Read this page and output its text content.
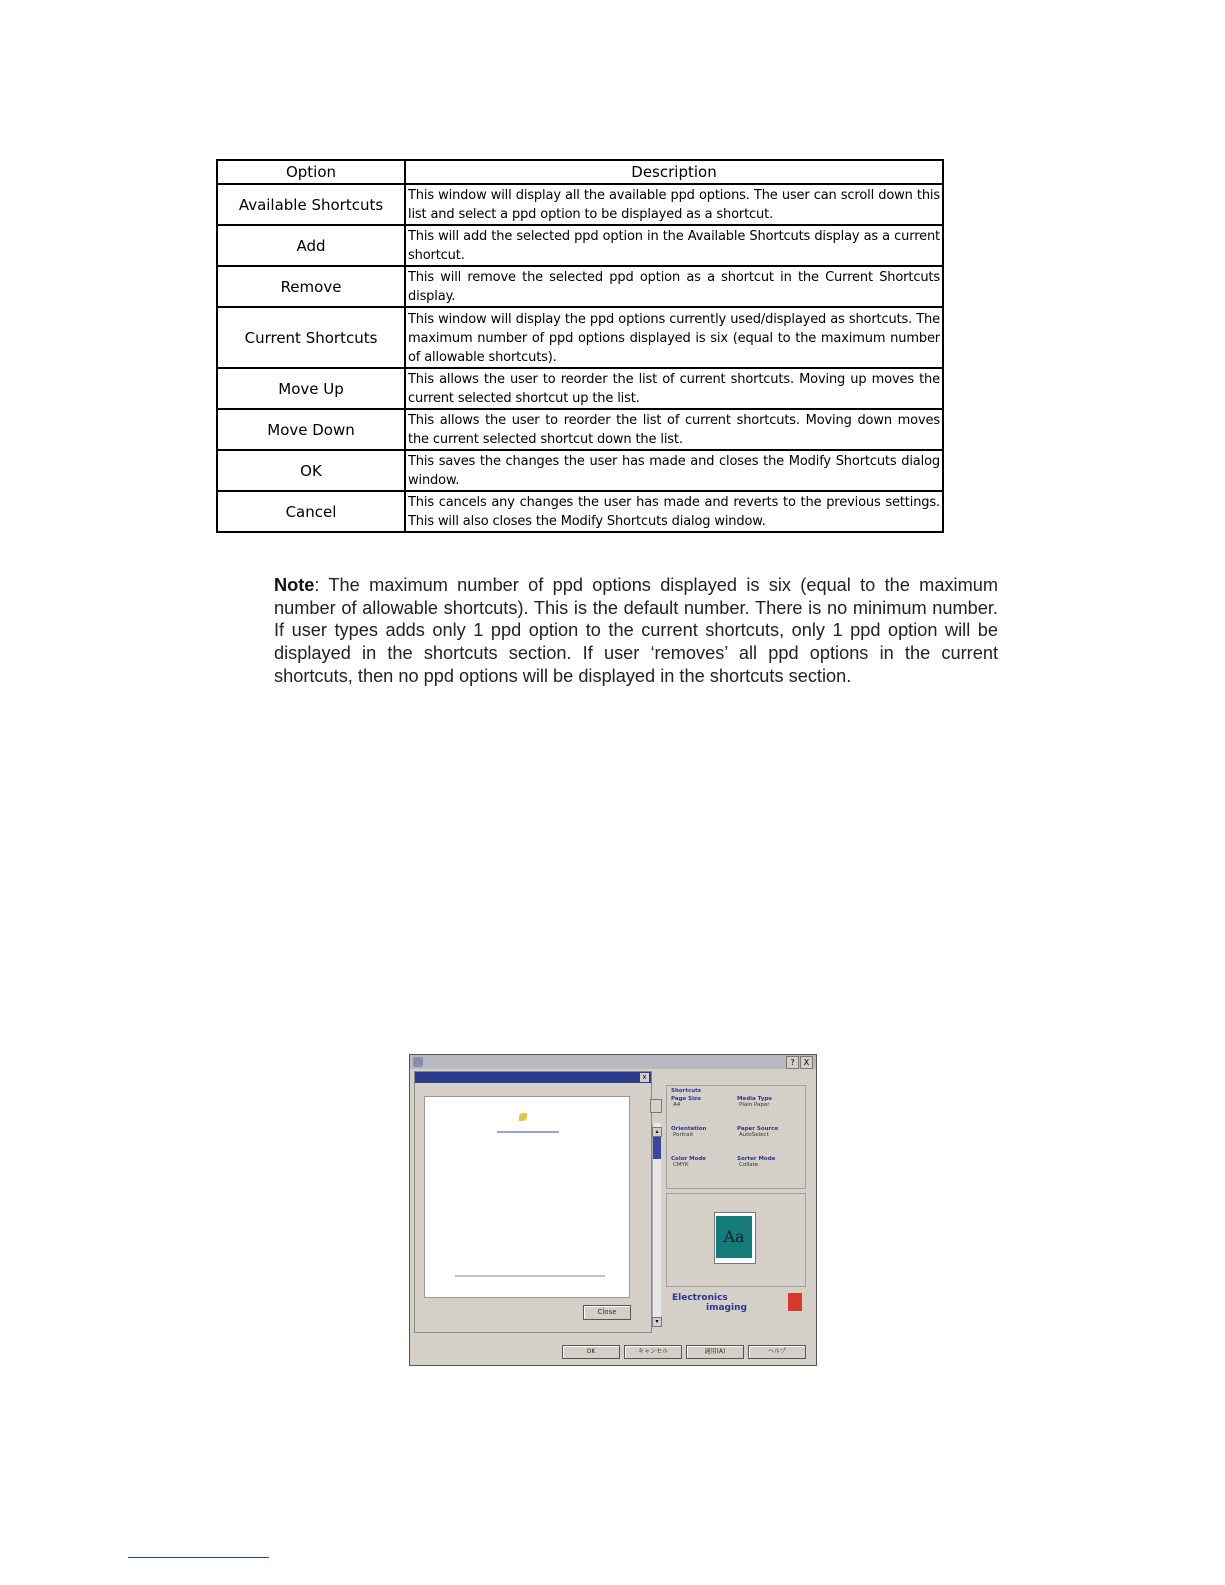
Option	Description
Available Shortcuts	This window will display all the available ppd options. The user can scroll down this list and select a ppd option to be displayed as a shortcut.
Add	This will add the selected ppd option in the Available Shortcuts display as a current shortcut.
Remove	This will remove the selected ppd option as a shortcut in the Current Shortcuts display.
Current Shortcuts	This window will display the ppd options currently used/displayed as shortcuts. The maximum number of ppd options displayed is six (equal to the maximum number of allowable shortcuts).
Move Up	This allows the user to reorder the list of current shortcuts. Moving up moves the current selected shortcut up the list.
Move Down	This allows the user to reorder the list of current shortcuts. Moving down moves the current selected shortcut down the list.
OK	This saves the changes the user has made and closes the Modify Shortcuts dialog window.
Cancel	This cancels any changes the user has made and reverts to the previous settings. This will also closes the Modify Shortcuts dialog window.

Note: The maximum number of ppd options displayed is six (equal to the maximum number of allowable shortcuts). This is the default number. There is no minimum number. If user types adds only 1 ppd option to the current shortcuts, only 1 ppd option will be displayed in the shortcuts section. If user ‘removes’ all ppd options in the current shortcuts, then no ppd options will be displayed in the shortcuts section.

?	X
x
Close
▴
▾
Shortcuts
Page Size
A4
Media Type
Plain Paper
Orientation
Portrait
Paper Source
AutoSelect
Color Mode
CMYK
Sorter Mode
Collate
Aa
Electronics
imaging
OK	キャンセル	適用(A)	ヘルプ
